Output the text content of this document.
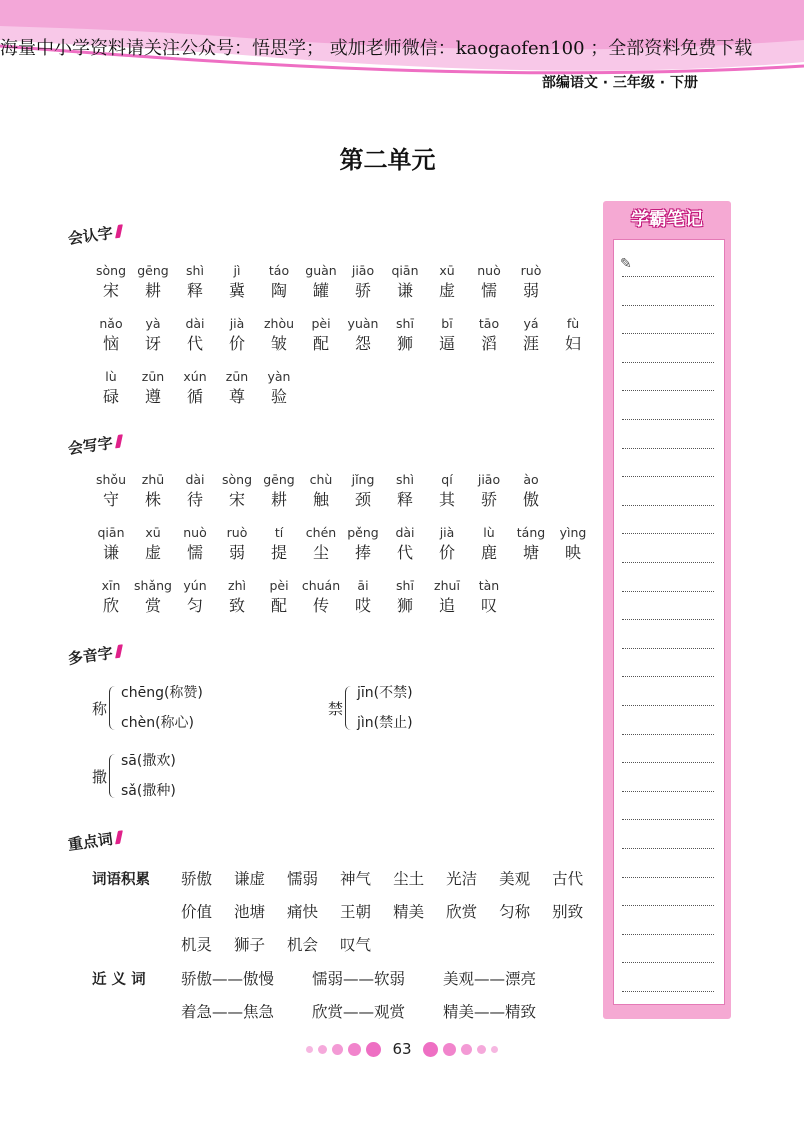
海量中小学资料请关注公众号：悟思学； 或加老师微信：kaogaofen100 ；全部资料免费下载
部编语文 · 三年级 · 下册
第二单元
学霸笔记
✎
会认字
sòng
宋
gēng
耕
shì
释
jì
冀
táo
陶
guàn
罐
jiāo
骄
qiān
谦
xū
虚
nuò
懦
ruò
弱
nǎo
恼
yà
讶
dài
代
jià
价
zhòu
皱
pèi
配
yuàn
怨
shī
狮
bī
逼
tāo
滔
yá
涯
fù
妇
lù
碌
zūn
遵
xún
循
zūn
尊
yàn
验
会写字
shǒu
守
zhū
株
dài
待
sòng
宋
gēng
耕
chù
触
jǐng
颈
shì
释
qí
其
jiāo
骄
ào
傲
qiān
谦
xū
虚
nuò
懦
ruò
弱
tí
提
chén
尘
pěng
捧
dài
代
jià
价
lù
鹿
táng
塘
yìng
映
xīn
欣
shǎng
赏
yún
匀
zhì
致
pèi
配
chuán
传
āi
哎
shī
狮
zhuī
追
tàn
叹
多音字
称
chēng(称赞)
chèn(称心)
禁
jīn(不禁)
jìn(禁止)
撒
sā(撒欢)
sǎ(撒种)
重点词
词语积累 骄傲 谦虚 懦弱 神气 尘土 光洁 美观 古代
价值 池塘 痛快 王朝 精美 欣赏 匀称 别致
机灵 狮子 机会 叹气
近 义 词 骄傲——傲慢 懦弱——软弱 美观——漂亮
着急——焦急 欣赏——观赏 精美——精致
63
